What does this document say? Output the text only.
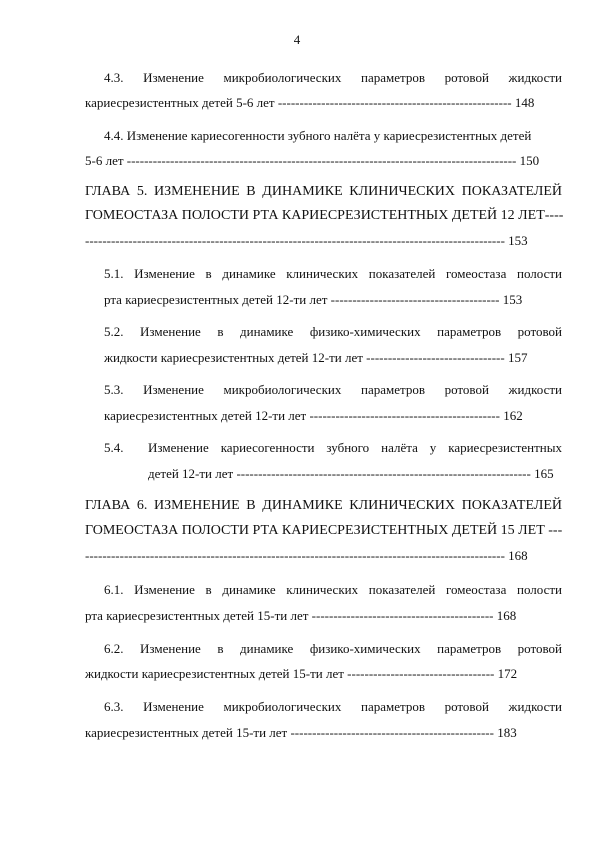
4
4.3. Изменение микробиологических параметров ротовой жидкости
кариесрезистентных детей 5-6 лет ------------------------------------------------------ 148
4.4. Изменение кариесогенности зубного налёта у кариесрезистентных детей
5-6 лет ------------------------------------------------------------------------------------------ 150
ГЛАВА 5. ИЗМЕНЕНИЕ В ДИНАМИКЕ КЛИНИЧЕСКИХ ПОКАЗАТЕЛЕЙ
ГОМЕОСТАЗА ПОЛОСТИ РТА КАРИЕСРЕЗИСТЕНТНЫХ ДЕТЕЙ 12 ЛЕТ----
------------------------------------------------------------------------------------------------- 153
5.1. Изменение в динамике клинических показателей гомеостаза полости
рта кариесрезистентных детей 12-ти лет --------------------------------------- 153
5.2. Изменение в динамике физико-химических параметров ротовой
жидкости кариесрезистентных детей 12-ти лет -------------------------------- 157
5.3. Изменение микробиологических параметров ротовой жидкости
кариесрезистентных детей 12-ти лет -------------------------------------------- 162
5.4. Изменение кариесогенности зубного налёта у кариесрезистентных
детей 12-ти лет -------------------------------------------------------------------- 165
ГЛАВА 6. ИЗМЕНЕНИЕ В ДИНАМИКЕ КЛИНИЧЕСКИХ ПОКАЗАТЕЛЕЙ
ГОМЕОСТАЗА ПОЛОСТИ РТА КАРИЕСРЕЗИСТЕНТНЫХ ДЕТЕЙ 15 ЛЕТ ---
------------------------------------------------------------------------------------------------- 168
6.1. Изменение в динамике клинических показателей гомеостаза полости
рта кариесрезистентных детей 15-ти лет ------------------------------------------ 168
6.2. Изменение в динамике физико-химических параметров ротовой
жидкости кариесрезистентных детей 15-ти лет ---------------------------------- 172
6.3. Изменение микробиологических параметров ротовой жидкости
кариесрезистентных детей 15-ти лет ----------------------------------------------- 183
